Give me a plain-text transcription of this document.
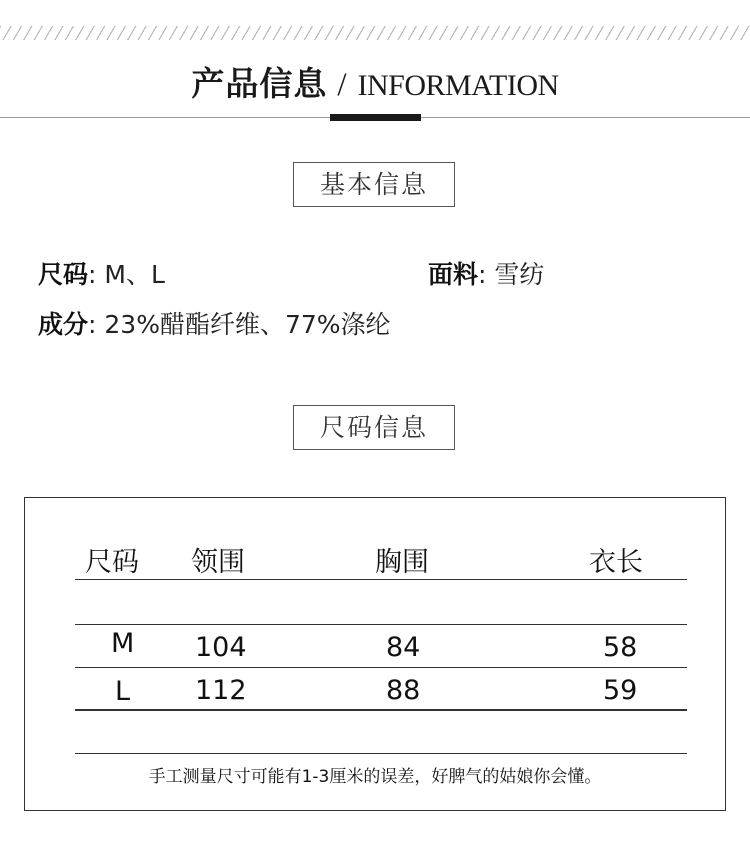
产品信息 / INFORMATION
基本信息
尺码: M、L	面料: 雪纺
成分: 23%醋酯纤维、77%涤纶
尺码信息
尺码 领围	胸围	衣长
M 104	84	58
L 112	88	59
手工测量尺寸可能有1-3厘米的误差，好脾气的姑娘你会懂。
